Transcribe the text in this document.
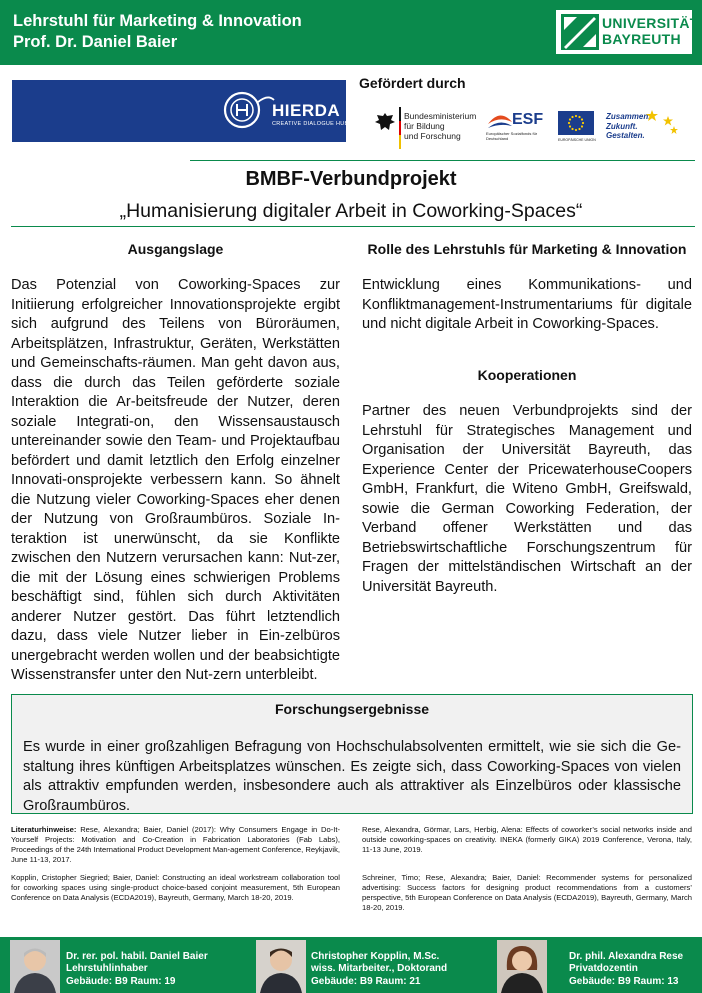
Lehrstuhl für Marketing & Innovation
Prof. Dr. Daniel Baier
UNIVERSITÄT
BAYREUTH
HIERDA
CREATIVE DIALOGUE HUB
Gefördert durch
Bundesministerium
für Bildung
und Forschung
ESF
Europäischer Sozialfonds für Deutschland	EUROPÄISCHE UNION
Zusammen.
Zukunft.
Gestalten.
BMBF-Verbundprojekt
„Humanisierung digitaler Arbeit in Coworking-Spaces“
Ausgangslage
Das Potenzial von Coworking-Spaces zur Initiierung erfolgreicher Innovationsprojekte ergibt sich aufgrund des Teilens von Büroräumen, Arbeitsplätzen, Infrastruktur, Geräten, Werkstätten und Gemeinschafts-räumen. Man geht davon aus, dass die durch das Teilen geförderte soziale Interaktion die Ar-beitsfreude der Nutzer, deren soziale Integrati-on, den Wissensaustausch untereinander sowie den Team- und Projektaufbau befördert und damit letztlich den Erfolg einzelner Innovati-onsprojekte verbessern kann. So ähnelt die Nutzung vieler Coworking-Spaces eher denen der Nutzung von Großraumbüros. Soziale In-teraktion ist unerwünscht, da sie Konflikte zwischen den Nutzern verursachen kann: Nut-zer, die mit der Lösung eines schwierigen Problems beschäftigt sind, fühlen sich durch Aktivitäten anderer Nutzer gestört. Das führt letztendlich dazu, dass viele Nutzer lieber in Ein-zelbüros unergebracht werden wollen und der beabsichtigte Wissenstransfer unter den Nut-zern unterbleibt.
Rolle des Lehrstuhls für Marketing & Innovation
Entwicklung eines Kommunikations- und Konfliktmanagement-Instrumentariums für digitale und nicht digitale Arbeit in Coworking-Spaces.
Kooperationen
Partner des neuen Verbundprojekts sind der Lehrstuhl für Strategisches Management und Organisation der Universität Bayreuth, das Experience Center der PricewaterhouseCoopers GmbH, Frankfurt, die Witeno GmbH, Greifswald, sowie die German Coworking Federation, der Verband offener Werkstätten und das Betriebswirtschaftliche Forschungszentrum für Fragen der mittelständischen Wirtschaft an der Universität Bayreuth.
Forschungsergebnisse
Es wurde in einer großzahligen Befragung von Hochschulabsolventen ermittelt, wie sie sich die Ge-staltung ihres künftigen Arbeitsplatzes wünschen. Es zeigte sich, dass Coworking-Spaces von vielen als attraktiv empfunden werden, insbesondere auch als attraktiver als Einzelbüros oder klassische Großraumbüros.
Literaturhinweise: Rese, Alexandra; Baier, Daniel (2017): Why Consumers Engage in Do-It-Yourself Projects: Motivation and Co-Creation in Fabrication Laboratories (Fab Labs), Proceedings of the 24th International Product Development Man-agement Conference, Reykjavik, June 11-13, 2017.
Kopplin, Cristopher Siegried; Baier, Daniel: Constructing an ideal workstream collaboration tool for coworking spaces using single-product choice-based conjoint measurement, 5th European Conference on Data Analysis (ECDA2019), Bayreuth, Germany, March 18-20, 2019.
Rese, Alexandra, Görmar, Lars, Herbig, Alena: Effects of coworker’s social networks inside and outside coworking-spaces on creativity. INEKA (formerly GIKA) 2019 Conference, Verona, Italy, 11-13 June, 2019.
Schreiner, Timo; Rese, Alexandra; Baier, Daniel: Recommender systems for personalized advertising: Success factors for designing product recommendations from a customers’ perspective, 5th European Conference on Data Analysis (ECDA2019), Bayreuth, Germany, March 18-20, 2019.
Dr. rer. pol. habil. Daniel Baier
Lehrstuhlinhaber
Gebäude: B9 Raum: 19
Christopher Kopplin, M.Sc.
wiss. Mitarbeiter., Doktorand
Gebäude: B9 Raum: 21
Dr. phil. Alexandra Rese
Privatdozentin
Gebäude: B9 Raum: 13
